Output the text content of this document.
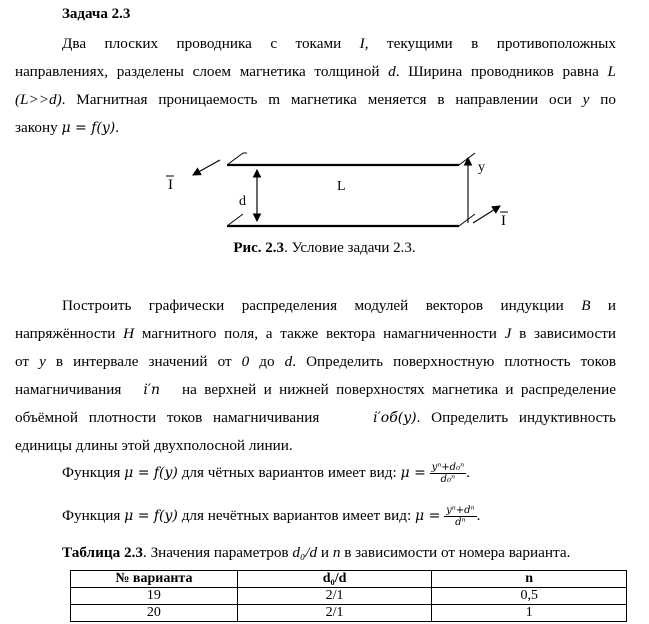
Задача 2.3
Два плоских проводника с токами I, текущими в противоположных
направлениях, разделены слоем магнетика толщиной d. Ширина проводников равна L
(L>>d). Магнитная проницаемость m магнетика меняется в направлении оси y по
закону μ = f(y).
I
I
d
L
y
Рис. 2.3. Условие задачи 2.3.
Построить графически распределения модулей векторов индукции B и
напряжённости H магнитного поля, а также вектора намагниченности J в зависимости
от y в интервале значений от 0 до d. Определить поверхностную плотность токов
намагничивания i′п на верхней и нижней поверхностях магнетика и распределение
объёмной плотности токов намагничивания	i′об(y). Определить индуктивность
единицы длины этой двухполосной линии.
Функция μ = f(y) для чётных вариантов имеет вид: $\mu = \frac{\text{yⁿ+d₀ⁿ}}{\text{d₀ⁿ}}$ .
Функция μ = f(y) для нечётных вариантов имеет вид: $\mu = \frac{\text{yⁿ+dⁿ}}{\text{dⁿ}}$ .
Таблица 2.3. Значения параметров d₀/d и n в зависимости от номера варианта.
№ варианта	d₀/d	n
19	2/1	0,5
20	2/1	1
